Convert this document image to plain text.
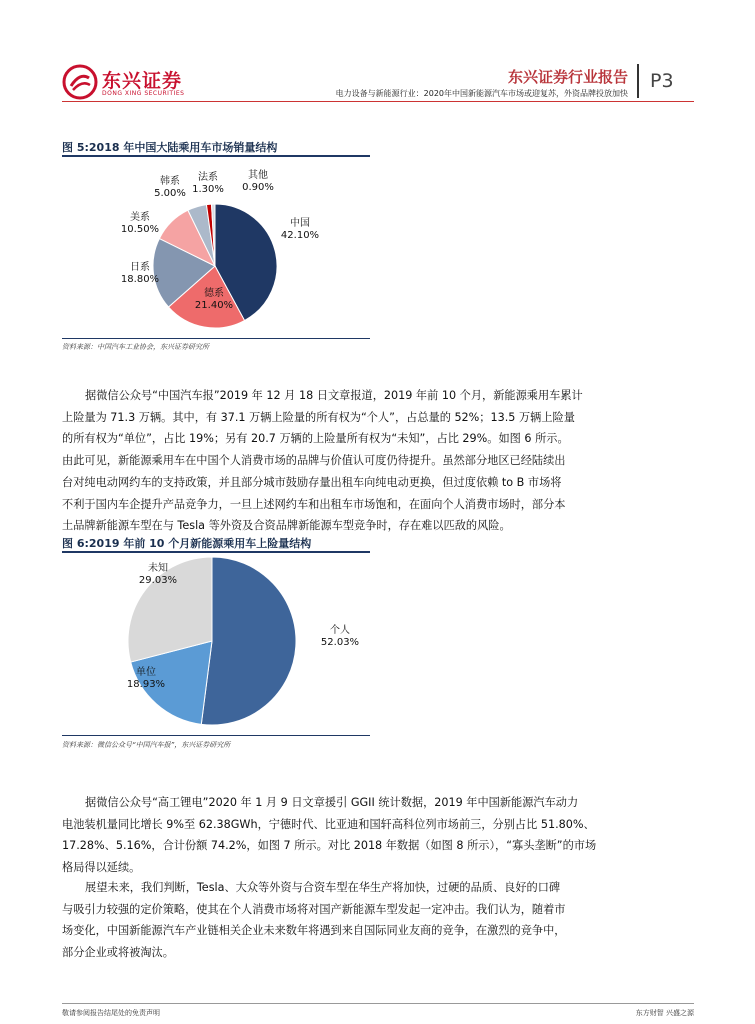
东兴证券
DONG XING SECURITIES
东兴证券行业报告
电力设备与新能源行业：2020年中国新能源汽车市场或迎复苏，外资品牌投放加快
P3
图 5:2018 年中国大陆乘用车市场销量结构
中国
42.10%
德系
21.40%
日系
18.80%
美系
10.50%
韩系
5.00%
法系
1.30%
其他
0.90%
资料来源：中国汽车工业协会，东兴证券研究所
据微信公众号“中国汽车报”2019 年 12 月 18 日文章报道，2019 年前 10 个月，新能源乘用车累计
上险量为 71.3 万辆。其中，有 37.1 万辆上险量的所有权为“个人”，占总量的 52%；13.5 万辆上险量
的所有权为“单位”，占比 19%；另有 20.7 万辆的上险量所有权为“未知”，占比 29%。如图 6 所示。
由此可见，新能源乘用车在中国个人消费市场的品牌与价值认可度仍待提升。虽然部分地区已经陆续出
台对纯电动网约车的支持政策，并且部分城市鼓励存量出租车向纯电动更换，但过度依赖 to B 市场将
不利于国内车企提升产品竞争力，一旦上述网约车和出租车市场饱和，在面向个人消费市场时，部分本
土品牌新能源车型在与 Tesla 等外资及合资品牌新能源车型竞争时，存在难以匹敌的风险。
图 6:2019 年前 10 个月新能源乘用车上险量结构
个人
52.03%
单位
18.93%
未知
29.03%
资料来源：微信公众号“中国汽车报”，东兴证券研究所
据微信公众号“高工锂电”2020 年 1 月 9 日文章援引 GGII 统计数据，2019 年中国新能源汽车动力
电池装机量同比增长 9%至 62.38GWh，宁德时代、比亚迪和国轩高科位列市场前三，分别占比 51.80%、
17.28%、5.16%，合计份额 74.2%，如图 7 所示。对比 2018 年数据（如图 8 所示），“寡头垄断”的市场
格局得以延续。
展望未来，我们判断，Tesla、大众等外资与合资车型在华生产将加快，过硬的品质、良好的口碑
与吸引力较强的定价策略，使其在个人消费市场将对国产新能源车型发起一定冲击。我们认为，随着市
场变化，中国新能源汽车产业链相关企业未来数年将遇到来自国际同业友商的竞争，在激烈的竞争中，
部分企业或将被淘汰。
敬请参阅报告结尾处的免责声明	东方财智 兴盛之源
